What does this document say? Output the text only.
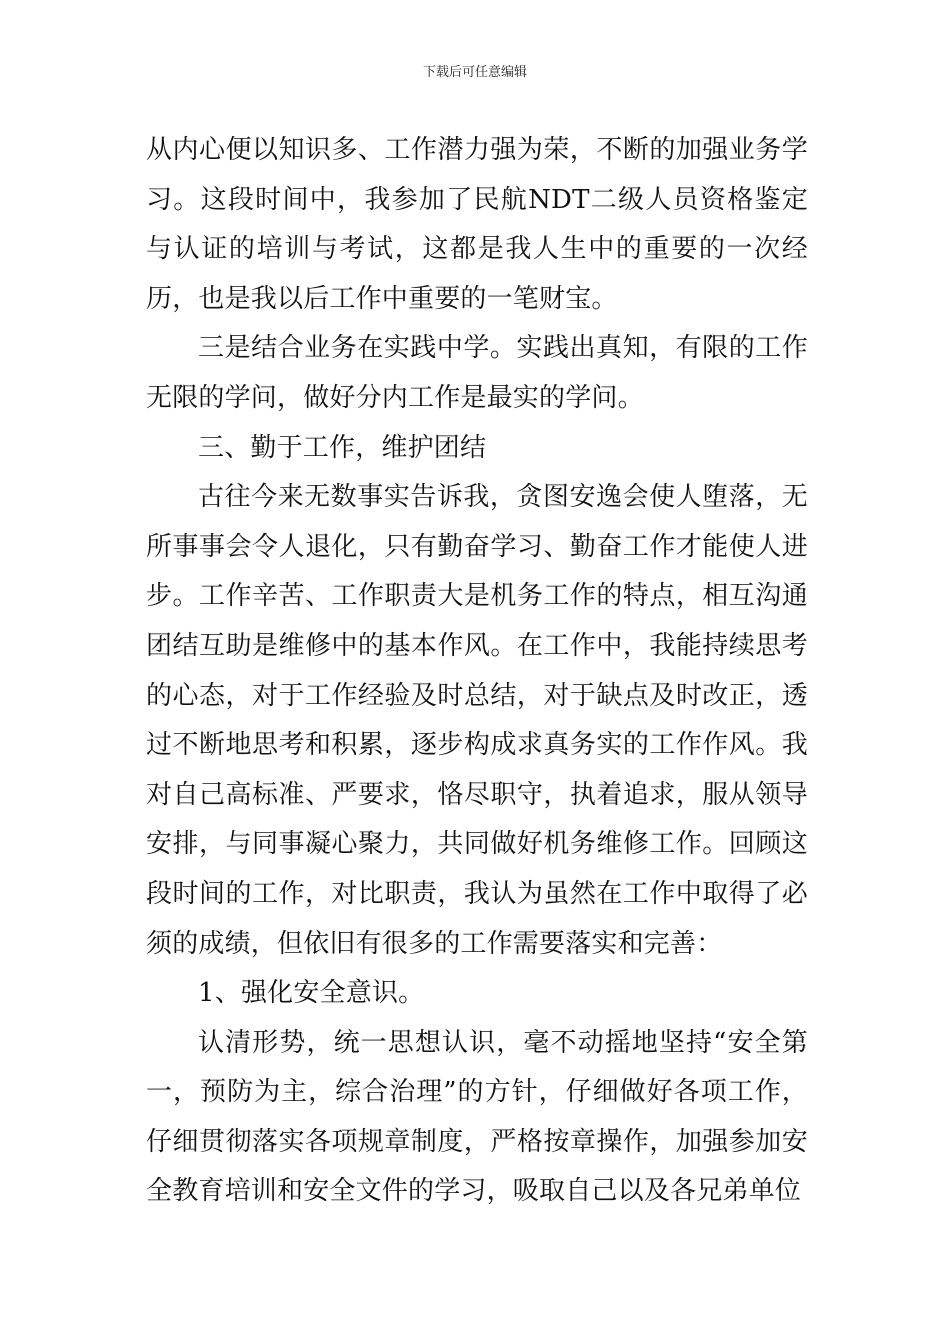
下载后可任意编辑

从内心便以知识多、工作潜力强为荣，不断的加强业务学习。这段时间中，我参加了民航NDT二级人员资格鉴定与认证的培训与考试，这都是我人生中的重要的一次经历，也是我以后工作中重要的一笔财宝。

三是结合业务在实践中学。实践出真知，有限的工作无限的学问，做好分内工作是最实的学问。

三、勤于工作，维护团结

古往今来无数事实告诉我，贪图安逸会使人堕落，无所事事会令人退化，只有勤奋学习、勤奋工作才能使人进步。工作辛苦、工作职责大是机务工作的特点，相互沟通团结互助是维修中的基本作风。在工作中，我能持续思考的心态，对于工作经验及时总结，对于缺点及时改正，透过不断地思考和积累，逐步构成求真务实的工作作风。我对自己高标准、严要求，恪尽职守，执着追求，服从领导安排，与同事凝心聚力，共同做好机务维修工作。回顾这段时间的工作，对比职责，我认为虽然在工作中取得了必须的成绩，但依旧有很多的工作需要落实和完善：

1、强化安全意识。

认清形势，统一思想认识，毫不动摇地坚持“安全第一，预防为主，综合治理”的方针，仔细做好各项工作，仔细贯彻落实各项规章制度，严格按章操作，加强参加安全教育培训和安全文件的学习，吸取自己以及各兄弟单位
